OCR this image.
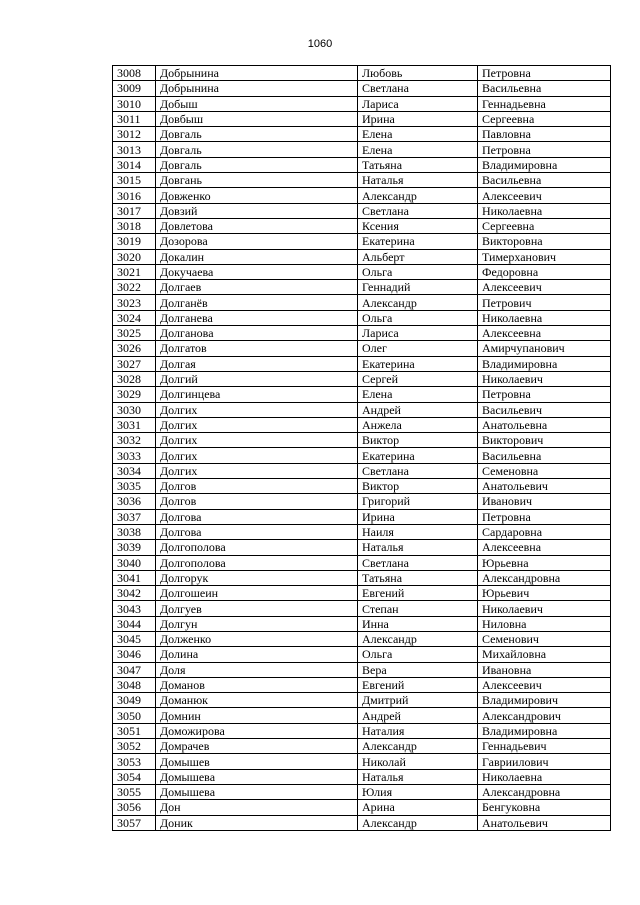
1060
3008	Добрынина	Любовь	Петровна
3009	Добрынина	Светлана	Васильевна
3010	Добыш	Лариса	Геннадьевна
3011	Довбыш	Ирина	Сергеевна
3012	Довгаль	Елена	Павловна
3013	Довгаль	Елена	Петровна
3014	Довгаль	Татьяна	Владимировна
3015	Довгань	Наталья	Васильевна
3016	Довженко	Александр	Алексеевич
3017	Довзий	Светлана	Николаевна
3018	Довлетова	Ксения	Сергеевна
3019	Дозорова	Екатерина	Викторовна
3020	Докалин	Альберт	Тимерханович
3021	Докучаева	Ольга	Федоровна
3022	Долгаев	Геннадий	Алексеевич
3023	Долганёв	Александр	Петрович
3024	Долганева	Ольга	Николаевна
3025	Долганова	Лариса	Алексеевна
3026	Долгатов	Олег	Амирчупанович
3027	Долгая	Екатерина	Владимировна
3028	Долгий	Сергей	Николаевич
3029	Долгинцева	Елена	Петровна
3030	Долгих	Андрей	Васильевич
3031	Долгих	Анжела	Анатольевна
3032	Долгих	Виктор	Викторович
3033	Долгих	Екатерина	Васильевна
3034	Долгих	Светлана	Семеновна
3035	Долгов	Виктор	Анатольевич
3036	Долгов	Григорий	Иванович
3037	Долгова	Ирина	Петровна
3038	Долгова	Наиля	Сардаровна
3039	Долгополова	Наталья	Алексеевна
3040	Долгополова	Светлана	Юрьевна
3041	Долгорук	Татьяна	Александровна
3042	Долгошеин	Евгений	Юрьевич
3043	Долгуев	Степан	Николаевич
3044	Долгун	Инна	Ниловна
3045	Долженко	Александр	Семенович
3046	Долина	Ольга	Михайловна
3047	Доля	Вера	Ивановна
3048	Доманов	Евгений	Алексеевич
3049	Доманюк	Дмитрий	Владимирович
3050	Домнин	Андрей	Александрович
3051	Доможирова	Наталия	Владимировна
3052	Домрачев	Александр	Геннадьевич
3053	Домышев	Николай	Гавриилович
3054	Домышева	Наталья	Николаевна
3055	Домышева	Юлия	Александровна
3056	Дон	Арина	Бенгуковна
3057	Доник	Александр	Анатольевич
